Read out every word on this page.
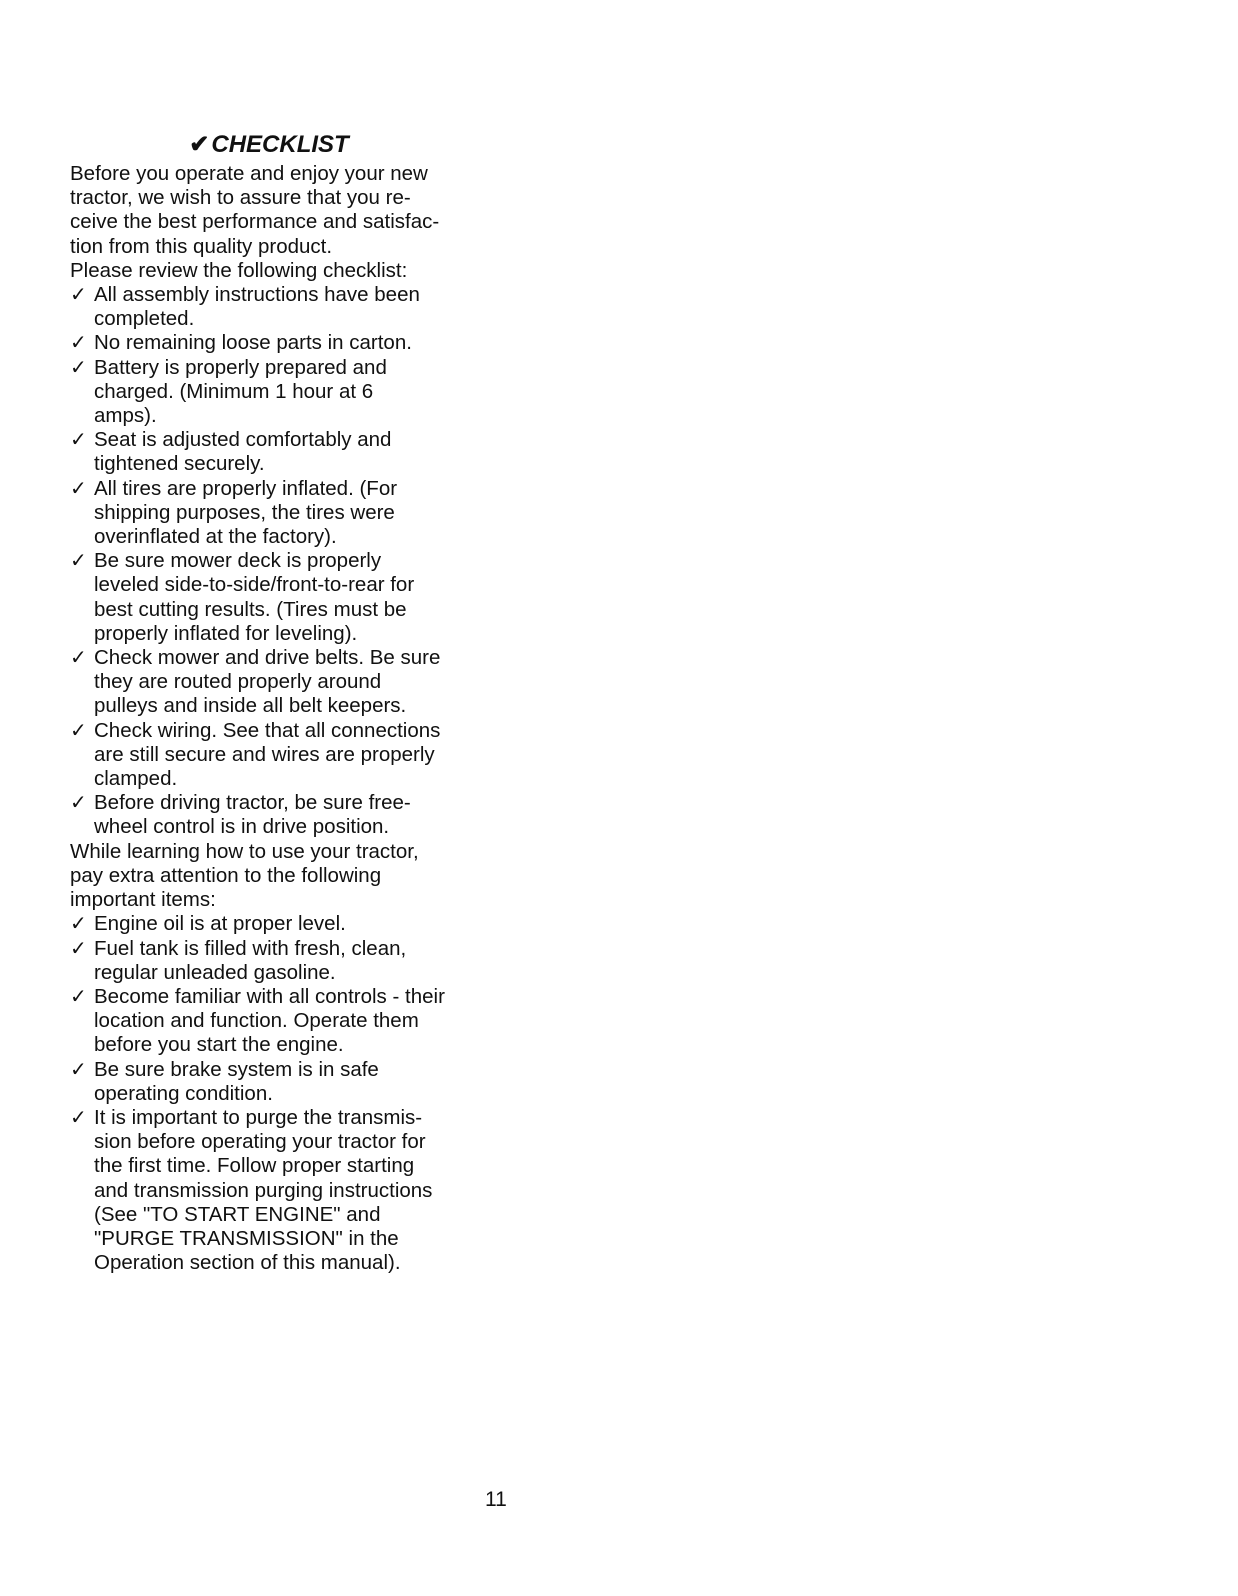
✔CHECKLIST
Before you operate and enjoy your new
tractor, we wish to assure that you re-
ceive the best performance and satisfac-
tion from this quality product.
Please review the following checklist:
✓ All assembly instructions have been
completed.
✓ No remaining loose parts in carton.
✓ Battery is properly prepared and
charged. (Minimum 1 hour at 6
amps).
✓ Seat is adjusted comfortably and
tightened securely.
✓ All tires are properly inflated. (For
shipping purposes, the tires were
overinflated at the factory).
✓ Be sure mower deck is properly
leveled side-to-side/front-to-rear for
best cutting results. (Tires must be
properly inflated for leveling).
✓ Check mower and drive belts. Be sure
they are routed properly around
pulleys and inside all belt keepers.
✓ Check wiring. See that all connections
are still secure and wires are properly
clamped.
✓ Before driving tractor, be sure free-
wheel control is in drive position.
While learning how to use your tractor,
pay extra attention to the following
important items:
✓ Engine oil is at proper level.
✓ Fuel tank is filled with fresh, clean,
regular unleaded gasoline.
✓ Become familiar with all controls - their
location and function. Operate them
before you start the engine.
✓ Be sure brake system is in safe
operating condition.
✓ It is important to purge the transmis-
sion before operating your tractor for
the first time. Follow proper starting
and transmission purging instructions
(See "TO START ENGINE" and
"PURGE TRANSMISSION" in the
Operation section of this manual).
11
